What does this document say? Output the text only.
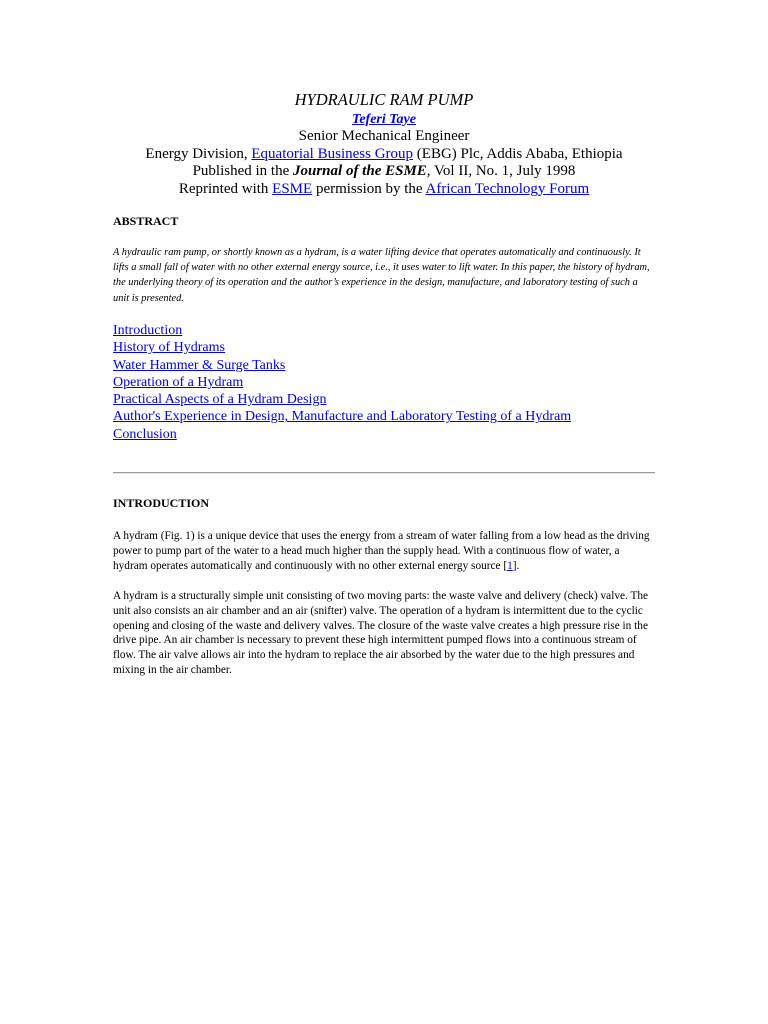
HYDRAULIC RAM PUMP
Teferi Taye
Senior Mechanical Engineer
Energy Division, Equatorial Business Group (EBG) Plc, Addis Ababa, Ethiopia
Published in the Journal of the ESME, Vol II, No. 1, July 1998
Reprinted with ESME permission by the African Technology Forum
ABSTRACT
A hydraulic ram pump, or shortly known as a hydram, is a water lifting device that operates automatically and continuously. It lifts a small fall of water with no other external energy source, i.e., it uses water to lift water. In this paper, the history of hydram, the underlying theory of its operation and the author’s experience in the design, manufacture, and laboratory testing of such a unit is presented.
Introduction
History of Hydrams
Water Hammer & Surge Tanks
Operation of a Hydram
Practical Aspects of a Hydram Design
Author's Experience in Design, Manufacture and Laboratory Testing of a Hydram
Conclusion
INTRODUCTION
A hydram (Fig. 1) is a unique device that uses the energy from a stream of water falling from a low head as the driving power to pump part of the water to a head much higher than the supply head. With a continuous flow of water, a hydram operates automatically and continuously with no other external energy source [1].
A hydram is a structurally simple unit consisting of two moving parts: the waste valve and delivery (check) valve. The unit also consists an air chamber and an air (snifter) valve. The operation of a hydram is intermittent due to the cyclic opening and closing of the waste and delivery valves. The closure of the waste valve creates a high pressure rise in the drive pipe. An air chamber is necessary to prevent these high intermittent pumped flows into a continuous stream of flow. The air valve allows air into the hydram to replace the air absorbed by the water due to the high pressures and mixing in the air chamber.
